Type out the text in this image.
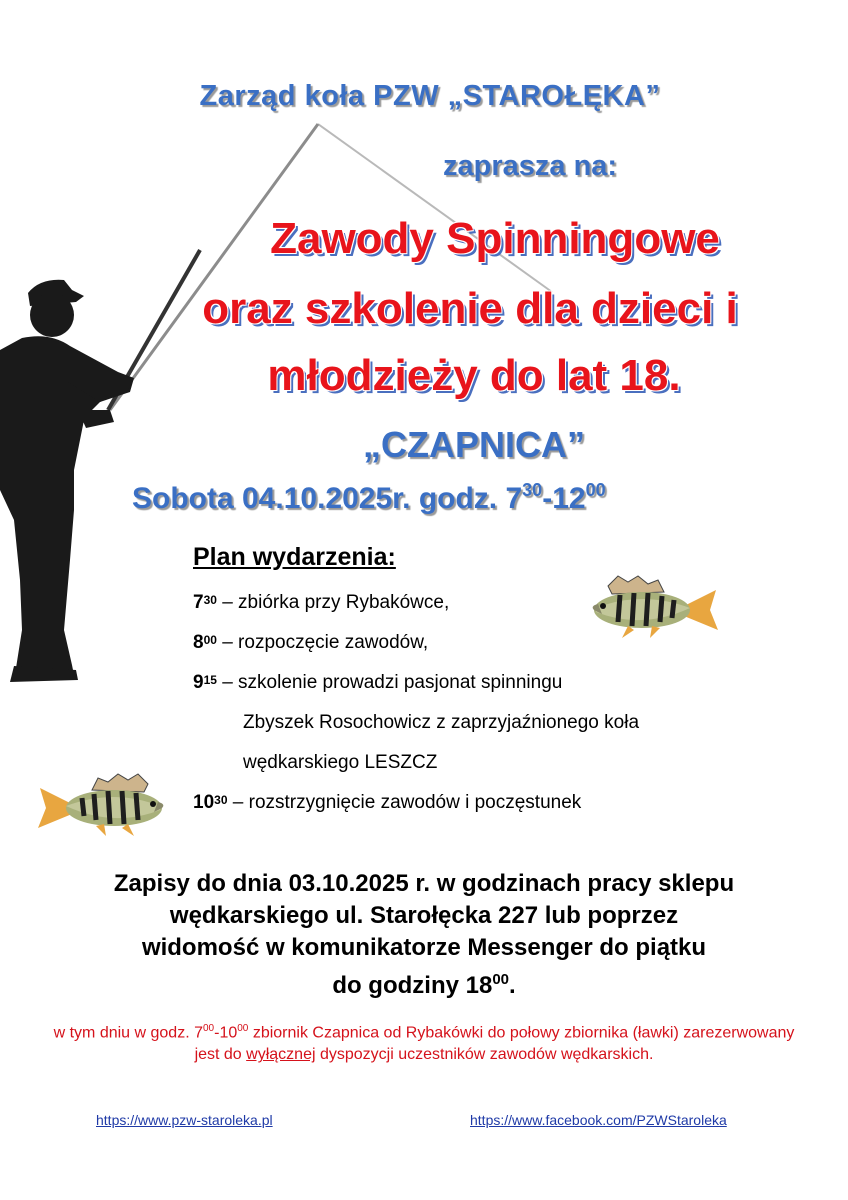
Zarząd koła PZW „STAROŁĘKA”
zaprasza na:
Zawody Spinningowe
oraz szkolenie dla dzieci i
młodzieży do lat 18.
„CZAPNICA”
Sobota 04.10.2025r. godz. $7^{30}-12^{00}$
Plan wydarzenia:
$7^{30}$ – zbiórka przy Rybakówce,
$8^{00}$ – rozpoczęcie zawodów,
$9^{15}$ – szkolenie prowadzi pasjonat spinningu
Zbyszek Rosochowicz z zaprzyjaźnionego koła
wędkarskiego LESZCZ
$10^{30}$ – rozstrzygnięcie zawodów i poczęstunek
Zapisy do dnia 03.10.2025 r. w godzinach pracy sklepu
wędkarskiego ul. Starołęcka 227 lub poprzez
widomość w komunikatorze Messenger do piątku
do godziny $18^{00}$.
w tym dniu w godz. $7^{00}-10^{00}$ zbiornik Czapnica od Rybakówki do połowy zbiornika (ławki) zarezerwowany jest do wyłącznej dyspozycji uczestników zawodów wędkarskich.
https://www.pzw-staroleka.pl	https://www.facebook.com/PZWStaroleka
